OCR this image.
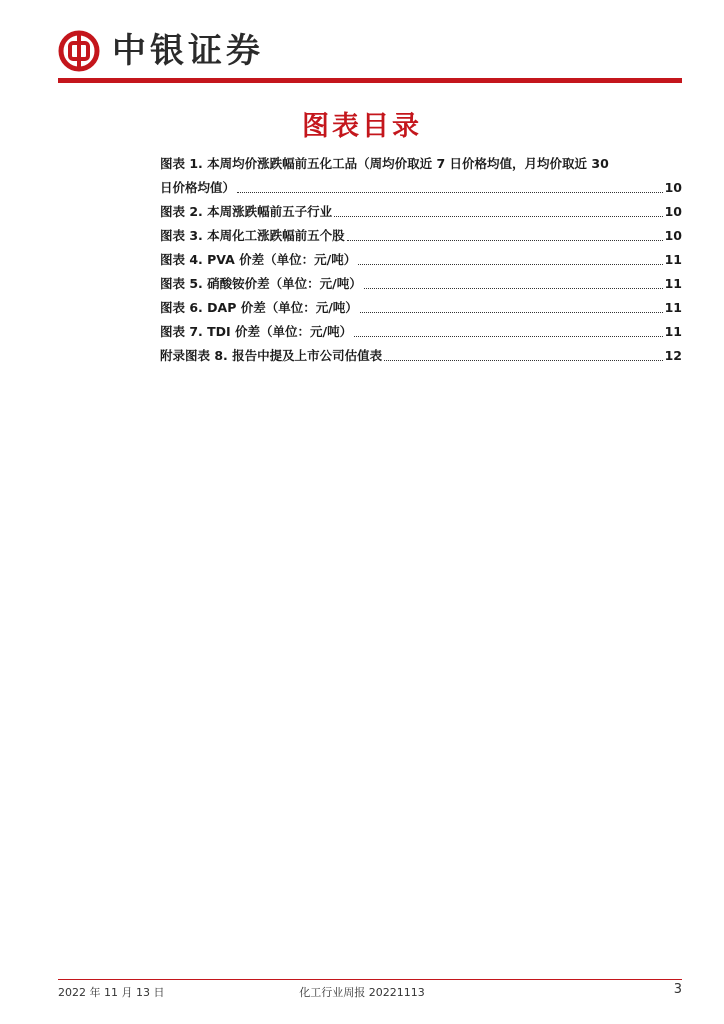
中银证券
图表目录
图表 1. 本周均价涨跌幅前五化工品（周均价取近 7 日价格均值，月均价取近 30
日价格均值）	10
图表 2. 本周涨跌幅前五子行业	10
图表 3. 本周化工涨跌幅前五个股	10
图表 4. PVA 价差（单位：元/吨）	11
图表 5. 硝酸铵价差（单位：元/吨）	11
图表 6. DAP 价差（单位：元/吨）	11
图表 7. TDI 价差（单位：元/吨）	11
附录图表 8. 报告中提及上市公司估值表	12
2022 年 11 月 13 日	化工行业周报 20221113	3
